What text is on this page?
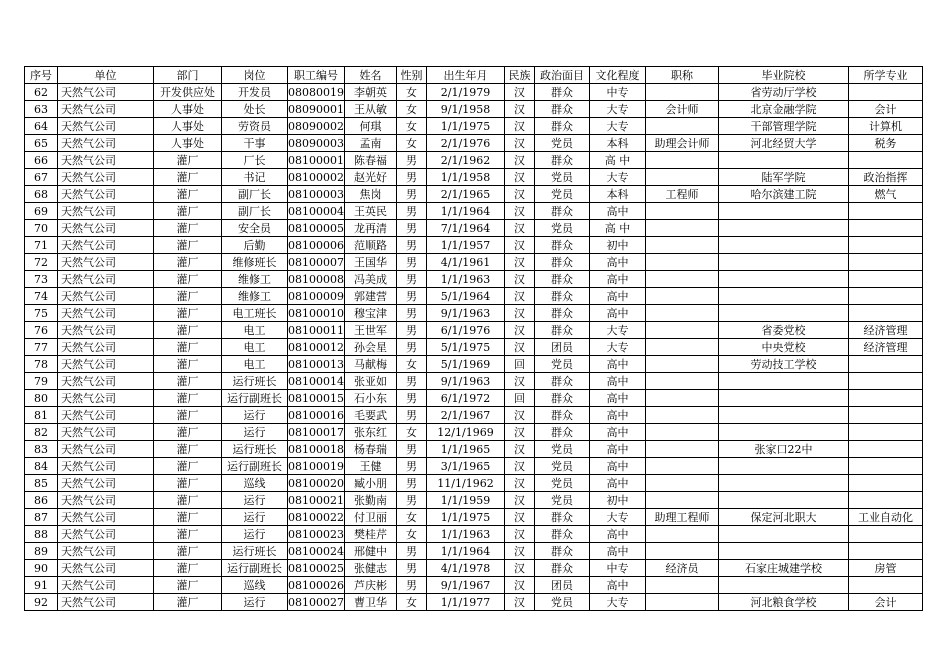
序号	单位	部门	岗位	职工编号	姓名	性别	出生年月	民族	政治面目	文化程度	职称	毕业院校	所学专业
62	天然气公司	开发供应处	开发员	08080019	李朝英	女	2/1/1979	汉	群众	中专		省劳动厅学校	
63	天然气公司	人事处	处长	08090001	王从敏	女	9/1/1958	汉	群众	大专	会计师	北京金融学院	会计
64	天然气公司	人事处	劳资员	08090002	何琪	女	1/1/1975	汉	群众	大专		干部管理学院	计算机
65	天然气公司	人事处	干事	08090003	孟南	女	2/1/1976	汉	党员	本科	助理会计师	河北经贸大学	税务
66	天然气公司	灌厂	厂长	08100001	陈春福	男	2/1/1962	汉	群众	高 中			
67	天然气公司	灌厂	书记	08100002	赵光好	男	1/1/1958	汉	党员	大专		陆军学院	政治指挥
68	天然气公司	灌厂	副厂长	08100003	焦岗	男	2/1/1965	汉	党员	本科	工程师	哈尔滨建工院	燃气
69	天然气公司	灌厂	副厂长	08100004	王英民	男	1/1/1964	汉	群众	高中			
70	天然气公司	灌厂	安全员	08100005	龙再清	男	7/1/1964	汉	党员	高 中			
71	天然气公司	灌厂	后勤	08100006	范顺路	男	1/1/1957	汉	群众	初中			
72	天然气公司	灌厂	维修班长	08100007	王国华	男	4/1/1961	汉	群众	高中			
73	天然气公司	灌厂	维修工	08100008	冯美成	男	1/1/1963	汉	群众	高中			
74	天然气公司	灌厂	维修工	08100009	郭建营	男	5/1/1964	汉	群众	高中			
75	天然气公司	灌厂	电工班长	08100010	穆宝津	男	9/1/1963	汉	群众	高中			
76	天然气公司	灌厂	电工	08100011	王世军	男	6/1/1976	汉	群众	大专		省委党校	经济管理
77	天然气公司	灌厂	电工	08100012	孙会星	男	5/1/1975	汉	团员	大专		中央党校	经济管理
78	天然气公司	灌厂	电工	08100013	马献梅	女	5/1/1969	回	党员	高中		劳动技工学校	
79	天然气公司	灌厂	运行班长	08100014	张亚如	男	9/1/1963	汉	群众	高中			
80	天然气公司	灌厂	运行副班长	08100015	石小东	男	6/1/1972	回	群众	高中			
81	天然气公司	灌厂	运行	08100016	毛要武	男	2/1/1967	汉	群众	高中			
82	天然气公司	灌厂	运行	08100017	张东红	女	12/1/1969	汉	群众	高中			
83	天然气公司	灌厂	运行班长	08100018	杨春瑞	男	1/1/1965	汉	党员	高中		张家口22中	
84	天然气公司	灌厂	运行副班长	08100019	王健	男	3/1/1965	汉	党员	高中			
85	天然气公司	灌厂	巡线	08100020	臧小朋	男	11/1/1962	汉	党员	高中			
86	天然气公司	灌厂	运行	08100021	张勤南	男	1/1/1959	汉	党员	初中			
87	天然气公司	灌厂	运行	08100022	付卫丽	女	1/1/1975	汉	群众	大专	助理工程师	保定河北职大	工业自动化
88	天然气公司	灌厂	运行	08100023	樊桂芹	女	1/1/1963	汉	群众	高中			
89	天然气公司	灌厂	运行班长	08100024	邢健中	男	1/1/1964	汉	群众	高中			
90	天然气公司	灌厂	运行副班长	08100025	张健志	男	4/1/1978	汉	群众	中专	经济员	石家庄城建学校	房管
91	天然气公司	灌厂	巡线	08100026	芦庆彬	男	9/1/1967	汉	团员	高中			
92	天然气公司	灌厂	运行	08100027	曹卫华	女	1/1/1977	汉	党员	大专		河北粮食学校	会计
